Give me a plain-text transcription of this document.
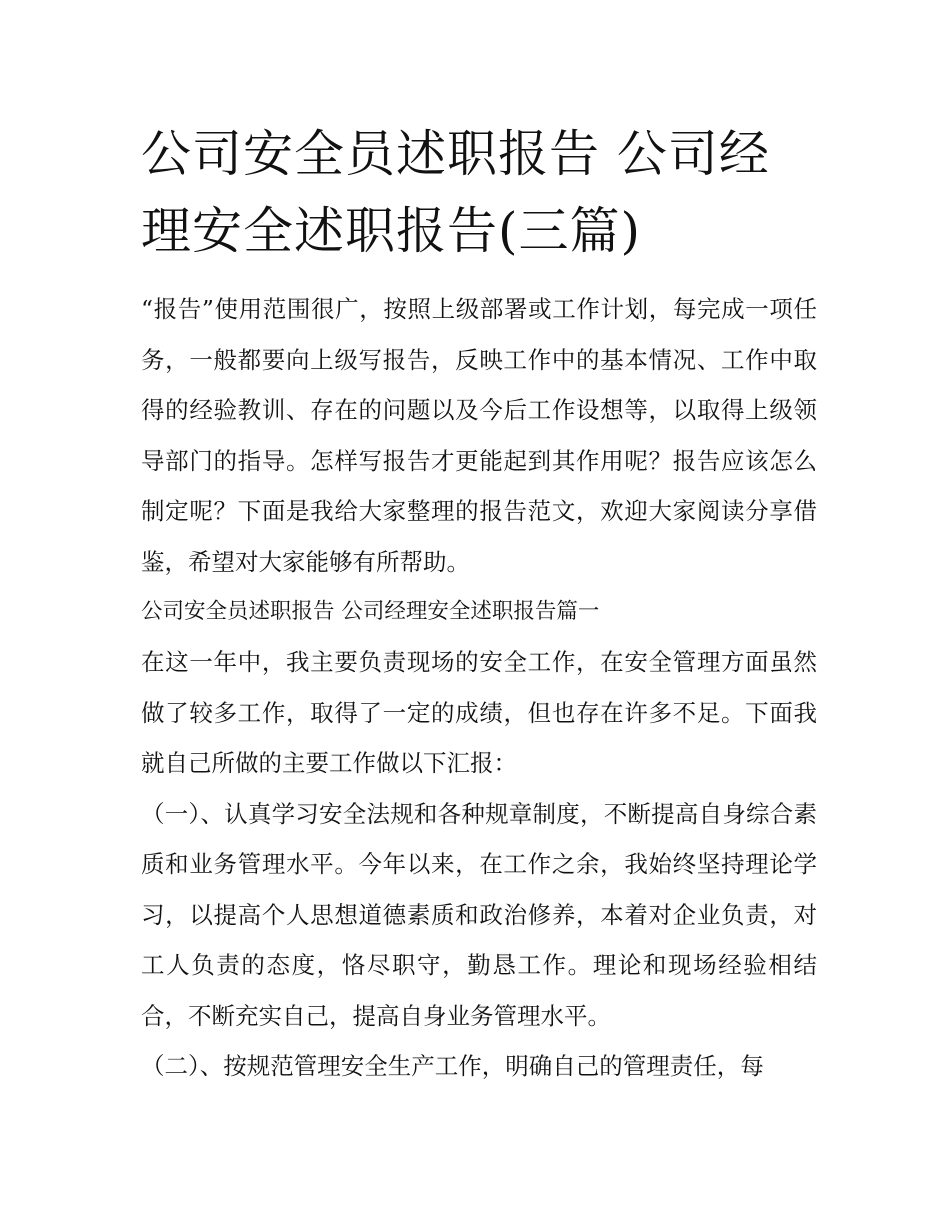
公司安全员述职报告 公司经理安全述职报告(三篇)

“报告”使用范围很广，按照上级部署或工作计划，每完成一项任务，一般都要向上级写报告，反映工作中的基本情况、工作中取得的经验教训、存在的问题以及今后工作设想等，以取得上级领导部门的指导。怎样写报告才更能起到其作用呢？报告应该怎么制定呢？下面是我给大家整理的报告范文，欢迎大家阅读分享借鉴，希望对大家能够有所帮助。

公司安全员述职报告 公司经理安全述职报告篇一

在这一年中，我主要负责现场的安全工作，在安全管理方面虽然做了较多工作，取得了一定的成绩，但也存在许多不足。下面我就自己所做的主要工作做以下汇报：

（一）、认真学习安全法规和各种规章制度，不断提高自身综合素质和业务管理水平。今年以来，在工作之余，我始终坚持理论学习，以提高个人思想道德素质和政治修养，本着对企业负责，对工人负责的态度，恪尽职守，勤恳工作。理论和现场经验相结合，不断充实自己，提高自身业务管理水平。

（二）、按规范管理安全生产工作，明确自己的管理责任，每
